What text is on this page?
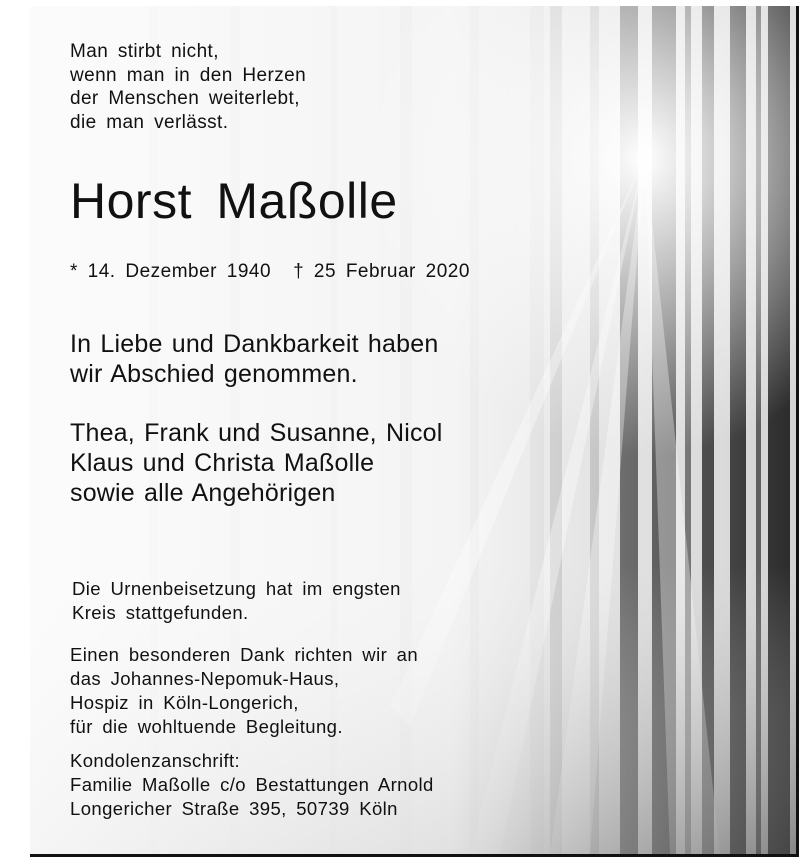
Man stirbt nicht,
wenn man in den Herzen
der Menschen weiterlebt,
die man verlässt.
Horst Maßolle
* 14. Dezember 1940 † 25 Februar 2020
In Liebe und Dankbarkeit haben
wir Abschied genommen.
Thea, Frank und Susanne, Nicol
Klaus und Christa Maßolle
sowie alle Angehörigen
Die Urnenbeisetzung hat im engsten
Kreis stattgefunden.
Einen besonderen Dank richten wir an
das Johannes-Nepomuk-Haus,
Hospiz in Köln-Longerich,
für die wohltuende Begleitung.
Kondolenzanschrift:
Familie Maßolle c/o Bestattungen Arnold
Longericher Straße 395, 50739 Köln
